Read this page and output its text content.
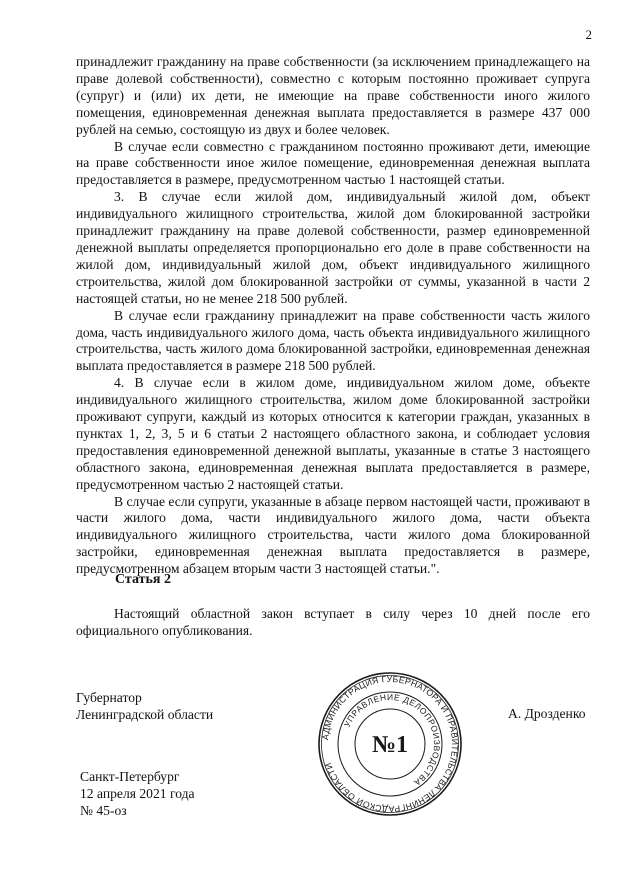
2

принадлежит гражданину на праве собственности (за исключением принадлежащего на праве долевой собственности), совместно с которым постоянно проживает супруга (супруг) и (или) их дети, не имеющие на праве собственности иного жилого помещения, единовременная денежная выплата предоставляется в размере 437 000 рублей на семью, состоящую из двух и более человек.

В случае если совместно с гражданином постоянно проживают дети, имеющие на праве собственности иное жилое помещение, единовременная денежная выплата предоставляется в размере, предусмотренном частью 1 настоящей статьи.

3. В случае если жилой дом, индивидуальный жилой дом, объект индивидуального жилищного строительства, жилой дом блокированной застройки принадлежит гражданину на праве долевой собственности, размер единовременной денежной выплаты определяется пропорционально его доле в праве собственности на жилой дом, индивидуальный жилой дом, объект индивидуального жилищного строительства, жилой дом блокированной застройки от суммы, указанной в части 2 настоящей статьи, но не менее 218 500 рублей.

В случае если гражданину принадлежит на праве собственности часть жилого дома, часть индивидуального жилого дома, часть объекта индивидуального жилищного строительства, часть жилого дома блокированной застройки, единовременная денежная выплата предоставляется в размере 218 500 рублей.

4. В случае если в жилом доме, индивидуальном жилом доме, объекте индивидуального жилищного строительства, жилом доме блокированной застройки проживают супруги, каждый из которых относится к категории граждан, указанных в пунктах 1, 2, 3, 5 и 6 статьи 2 настоящего областного закона, и соблюдает условия предоставления единовременной денежной выплаты, указанные в статье 3 настоящего областного закона, единовременная денежная выплата предоставляется в размере, предусмотренном частью 2 настоящей статьи.

В случае если супруги, указанные в абзаце первом настоящей части, проживают в части жилого дома, части индивидуального жилого дома, части объекта индивидуального жилищного строительства, части жилого дома блокированной застройки, единовременная денежная выплата предоставляется в размере, предусмотренном абзацем вторым части 3 настоящей статьи.".

Статья 2
Настоящий областной закон вступает в силу через 10 дней после его официального опубликования.
Губернатор
Ленинградской области	А. Дрозденко
АДМИНИСТРАЦИЯ ГУБЕРНАТОРА И ПРАВИТЕЛЬСТВА ЛЕНИНГРАДСКОЙ ОБЛАСТИ
УПРАВЛЕНИЕ ДЕЛОПРОИЗВОДСТВА
№1
Санкт-Петербург
12 апреля 2021 года
№ 45-оз
